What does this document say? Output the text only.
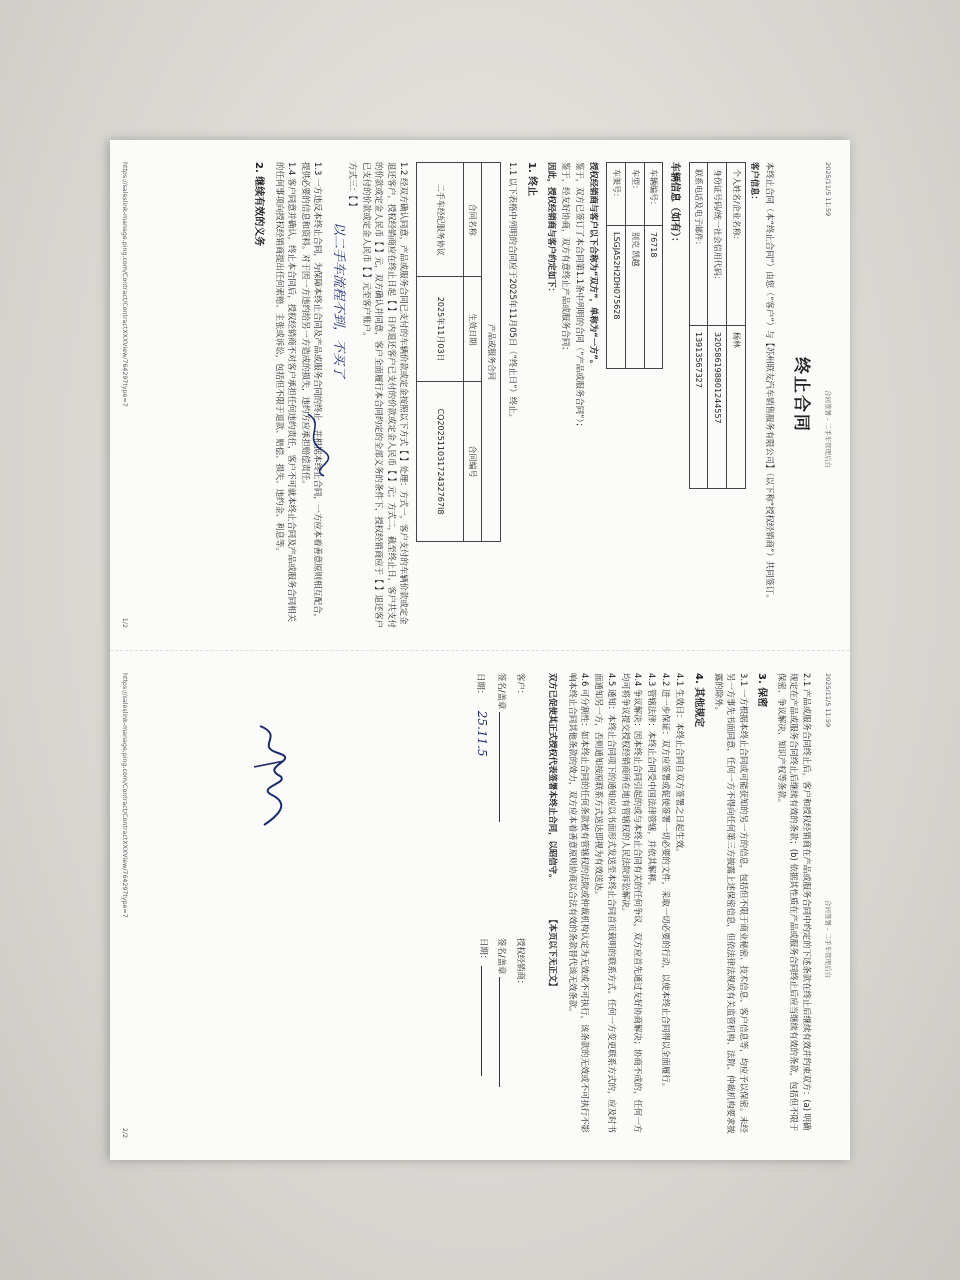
2025/11/5 11:59
合同签署 - 二手车管理后台
终止合同

本终止合同（本“终止合同”）由您（“客户”）与【苏州联友汽车销售服务有限公司】（以下称“授权经销商”）共同签订。

客户信息：

个人姓名/企业名称：	杨林
身份证号码/统一社会信用代码：	320586198801244557
联系电话及电子邮件：	13913567327

车辆信息（如有）：

车辆编号：	76718
车型：	别克 凯越
车架号：	LSGJA52H2DH075628

授权经销商与客户以下合称为“双方”，单称为“一方”。

鉴于，双方已签订了本合同第1.1条中列明的合同（“产品或服务合同”）；

鉴于，经友好协商，双方有意终止产品或服务合同；

因此，授权经销商与客户约定如下：

1. 终止

1.1 以下表格中列明的合同应于2025年11月05日（“终止日”）终止。

产品或服务合同		
合同名称	生效日期	合同编号
二手车经纪服务协议	2025年11月03日	CQ20251103172432767I8

1.2 经双方确认同意，产品或服务合同已支付的车辆价款或定金按照以下方式【 】处理：方式一，客户支付的车辆价款或定金退还客户，授权经销商应在终止日起【 】日内退还客户已支付的价款或定金人民币【 】元；方式二，截至终止日，客户共支付的价款或定金人民币【 】元，双方确认并同意，客户全面履行本合同约定的全部义务的条件下，授权经销商应于【 】退还客户已支付的价款或定金人民币【 】元至客户账户。

方式三：【 】

以二手车流程不到，不买了

1.3 一方违反本终止合同，为保障本终止合同及产品或服务合同的终止，并根据本终止合同，一方应本着善意原则相互配合，提供必要的信息和资料。对于因一方违约给另一方造成的损失，违约方应承担赔偿责任。

1.4 客户同意并确认，终止本合同后，授权经销商不对客户承担任何违约责任，客户不可就本终止合同及产品或服务合同相关的任何事项向授权经销商提出任何索赔、主张或诉讼，包括但不限于退款、赔偿、损失、违约金、利息等。

2. 继续有效的义务

https://saleslink-manage.ping.com/Contract/ContractXXXView/764297type=7
1/2
2025/11/5 11:59
合同签署 - 二手车管理后台

2.1 产品或服务合同终止后，客户和授权经销商在产品或服务合同中约定的下述条款在终止后继续有效并约束双方：(a) 明确规定在产品或服务合同终止后继续有效的条款；(b) 依据其性质在产品或服务合同终止后应当继续有效的条款，包括但不限于保密、争议解决、知识产权等条款。

3. 保密

3.1 一方根据本终止合同或可能获知的另一方的信息，包括但不限于商业秘密、技术信息、客户信息等，均应予以保密。未经另一方事先书面同意，任何一方不得向任何第三方披露上述保密信息，但依法律法规或有关监管机构、法院、仲裁机构要求披露的除外。

4. 其他规定

4.1 生效日：本终止合同自双方签署之日起生效。

4.2 进一步保证：双方应签署或促使签署一切必要的文件，采取一切必要的行动，以使本终止合同得以全面履行。

4.3 管辖法律：本终止合同受中国法律管辖，并依其解释。

4.4 争议解决：因本终止合同引起的或与本终止合同有关的任何争议，双方应首先通过友好协商解决；协商不成的，任何一方均可将争议提交授权经销商所在地有管辖权的人民法院诉讼解决。

4.5 通知：本终止合同项下的通知应以书面形式发送至本终止合同首页载明的联系方式。任何一方变更联系方式的，应及时书面通知另一方，否则通知按原联系方式送达即视为有效送达。

4.6 可分割性：如本终止合同的任何条款被有管辖权的法院或仲裁机构认定为无效或不可执行，该条款的无效或不可执行不影响本终止合同其他条款的效力，双方应本着善意原则协商以合法有效的条款替代该无效条款。

双方已促使其正式授权代表签署本终止合同，以昭信守。 【本页以下无正文】

客户：

签名/盖章

日期： 25.11.5

授权经销商：

签名/盖章

日期：

https://saleslink-manage.ping.com/Contract/ContractXXXView/764297type=7
2/2
